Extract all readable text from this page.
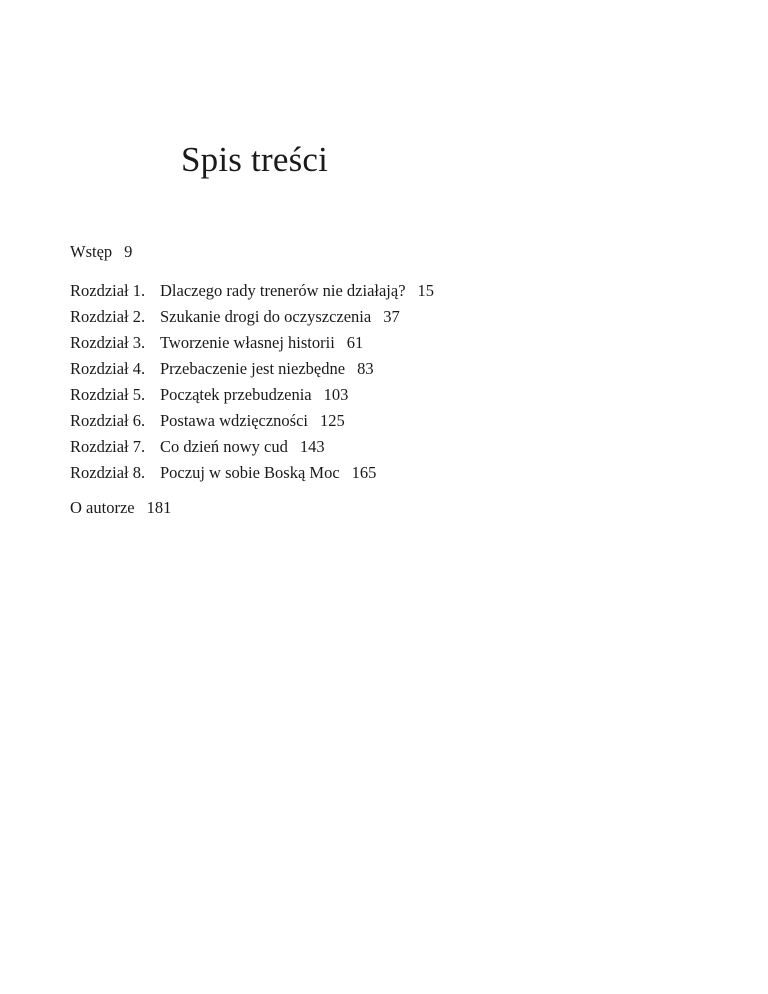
Spis treści
Wstęp 9
Rozdział 1. Dlaczego rady trenerów nie działają? 15
Rozdział 2. Szukanie drogi do oczyszczenia 37
Rozdział 3. Tworzenie własnej historii 61
Rozdział 4. Przebaczenie jest niezbędne 83
Rozdział 5. Początek przebudzenia 103
Rozdział 6. Postawa wdzięczności 125
Rozdział 7. Co dzień nowy cud 143
Rozdział 8. Poczuj w sobie Boską Moc 165
O autorze 181
